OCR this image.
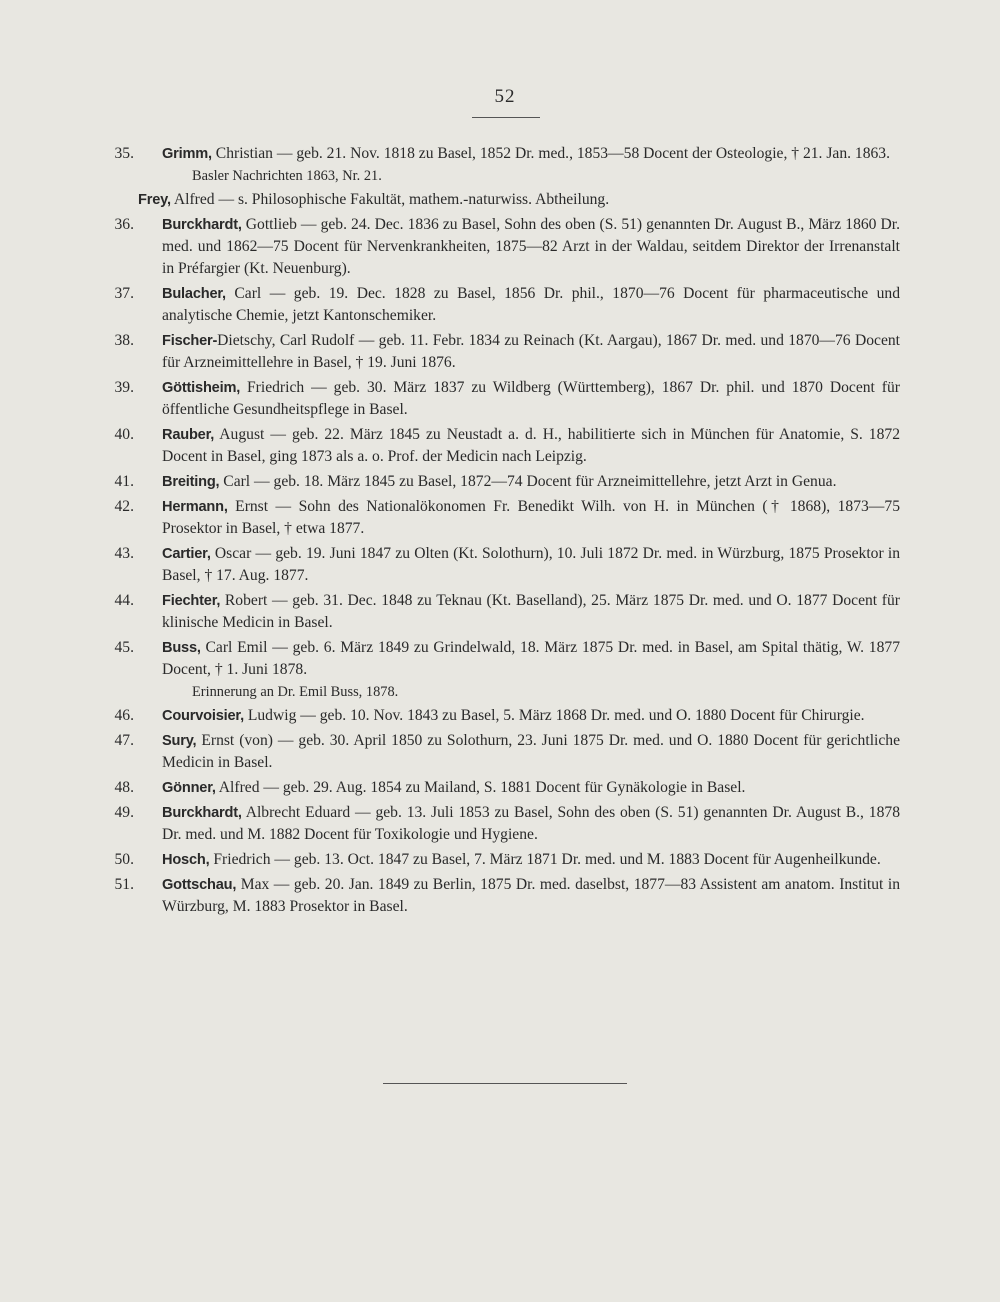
52
35 . Grimm, Christian — geb. 21. Nov. 1818 zu Basel, 1852 Dr. med., 1853—58 Docent der Osteologie, † 21. Jan. 1863.
Basler Nachrichten 1863, Nr. 21.
Frey, Alfred — s. Philosophische Fakultät, mathem.-naturwiss. Abtheilung.
36 . Burckhardt, Gottlieb — geb. 24. Dec. 1836 zu Basel, Sohn des oben (S. 51) genannten Dr. August B., März 1860 Dr. med. und 1862—75 Docent für Nervenkrankheiten, 1875—82 Arzt in der Waldau, seitdem Direktor der Irrenanstalt in Préfargier (Kt. Neuenburg).
37 . Bulacher, Carl — geb. 19. Dec. 1828 zu Basel, 1856 Dr. phil., 1870—76 Docent für pharmaceutische und analytische Chemie, jetzt Kantonschemiker.
38 . Fischer-Dietschy, Carl Rudolf — geb. 11. Febr. 1834 zu Reinach (Kt. Aargau), 1867 Dr. med. und 1870—76 Docent für Arzneimittellehre in Basel, † 19. Juni 1876.
39 . Göttisheim, Friedrich — geb. 30. März 1837 zu Wildberg (Württemberg), 1867 Dr. phil. und 1870 Docent für öffentliche Gesundheitspflege in Basel.
40 . Rauber, August — geb. 22. März 1845 zu Neustadt a. d. H., habilitierte sich in München für Anatomie, S. 1872 Docent in Basel, ging 1873 als a. o. Prof. der Medicin nach Leipzig.
41 . Breiting, Carl — geb. 18. März 1845 zu Basel, 1872—74 Docent für Arzneimittellehre, jetzt Arzt in Genua.
42 . Hermann, Ernst — Sohn des Nationalökonomen Fr. Benedikt Wilh. von H. in München († 1868), 1873—75 Prosektor in Basel, † etwa 1877.
43 . Cartier, Oscar — geb. 19. Juni 1847 zu Olten (Kt. Solothurn), 10. Juli 1872 Dr. med. in Würzburg, 1875 Prosektor in Basel, † 17. Aug. 1877.
44 . Fiechter, Robert — geb. 31. Dec. 1848 zu Teknau (Kt. Baselland), 25. März 1875 Dr. med. und O. 1877 Docent für klinische Medicin in Basel.
45 . Buss, Carl Emil — geb. 6. März 1849 zu Grindelwald, 18. März 1875 Dr. med. in Basel, am Spital thätig, W. 1877 Docent, † 1. Juni 1878.
Erinnerung an Dr. Emil Buss, 1878.
46 . Courvoisier, Ludwig — geb. 10. Nov. 1843 zu Basel, 5. März 1868 Dr. med. und O. 1880 Docent für Chirurgie.
47 . Sury, Ernst (von) — geb. 30. April 1850 zu Solothurn, 23. Juni 1875 Dr. med. und O. 1880 Docent für gerichtliche Medicin in Basel.
48 . Gönner, Alfred — geb. 29. Aug. 1854 zu Mailand, S. 1881 Docent für Gynäkologie in Basel.
49 . Burckhardt, Albrecht Eduard — geb. 13. Juli 1853 zu Basel, Sohn des oben (S. 51) genannten Dr. August B., 1878 Dr. med. und M. 1882 Docent für Toxikologie und Hygiene.
50 . Hosch, Friedrich — geb. 13. Oct. 1847 zu Basel, 7. März 1871 Dr. med. und M. 1883 Docent für Augenheilkunde.
51 . Gottschau, Max — geb. 20. Jan. 1849 zu Berlin, 1875 Dr. med. daselbst, 1877—83 Assistent am anatom. Institut in Würzburg, M. 1883 Prosektor in Basel.
